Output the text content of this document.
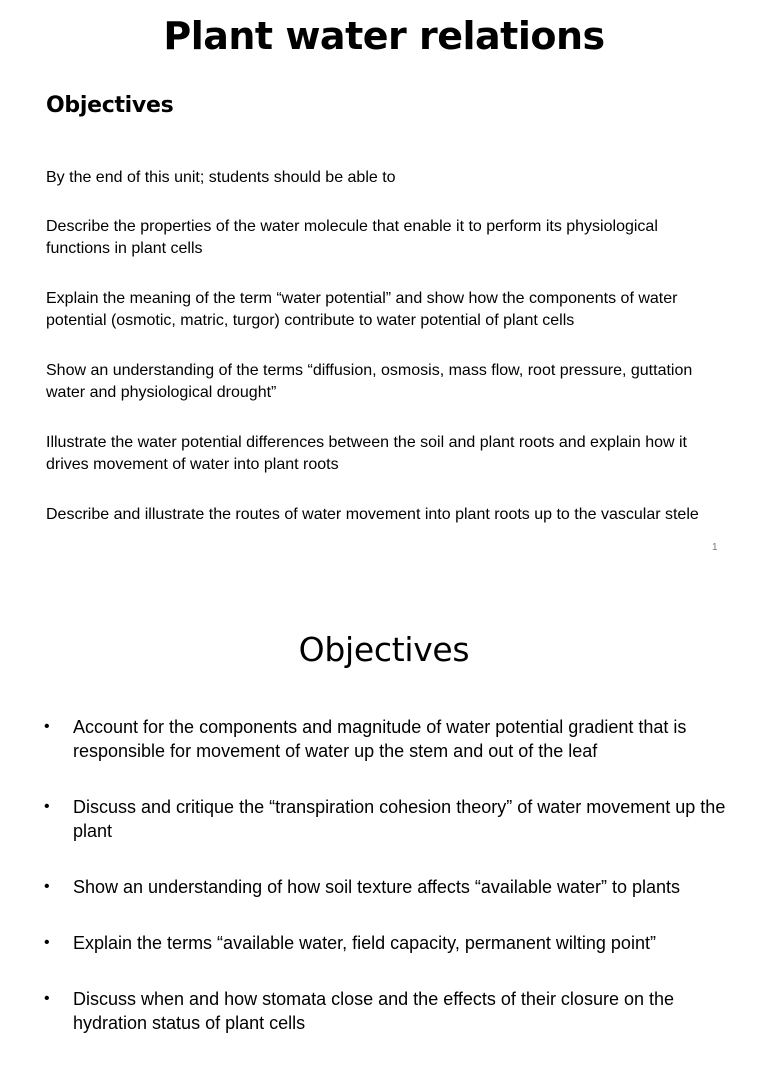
Plant water relations
Objectives
By the end of this unit; students should be able to
Describe the properties of the water molecule that enable it to perform its physiological functions in plant cells
Explain the meaning of the term “water potential” and show how the components of water potential (osmotic, matric, turgor) contribute to water potential of plant cells
Show an understanding of the terms “diffusion, osmosis, mass flow, root pressure, guttation water and physiological drought”
Illustrate the water potential differences between the soil and plant roots and explain how it drives movement of water into plant roots
Describe and illustrate the routes of water movement into plant roots up to the vascular stele
1
Objectives
• Account for the components and magnitude of water potential gradient that is responsible for movement of water up the stem and out of the leaf
• Discuss and critique the “transpiration cohesion theory” of water movement up the plant
• Show an understanding of how soil texture affects “available water” to plants
• Explain the terms “available water, field capacity, permanent wilting point”
• Discuss when and how stomata close and the effects of their closure on the hydration status of plant cells
